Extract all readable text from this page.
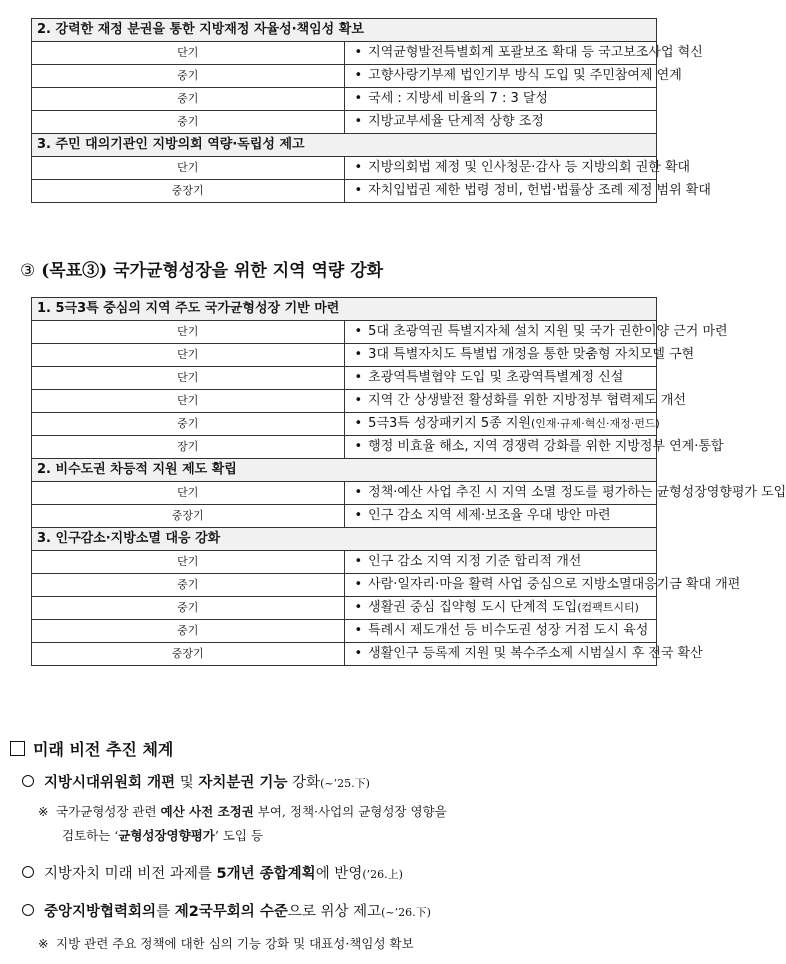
2. 강력한 재정 분권을 통한 지방재정 자율성·책임성 확보	
단기	• 지역균형발전특별회계 포괄보조 확대 등 국고보조사업 혁신
중기	• 고향사랑기부제 법인기부 방식 도입 및 주민참여제 연계
중기	• 국세 : 지방세 비율의 7 : 3 달성
중기	• 지방교부세율 단계적 상향 조정
3. 주민 대의기관인 지방의회 역량·독립성 제고	
단기	• 지방의회법 제정 및 인사청문·감사 등 지방의회 권한 확대
중장기	• 자치입법권 제한 법령 정비, 헌법·법률상 조례 제정 범위 확대
③ (목표③) 국가균형성장을 위한 지역 역량 강화
1. 5극3특 중심의 지역 주도 국가균형성장 기반 마련	
단기	• 5대 초광역권 특별지자체 설치 지원 및 국가 권한이양 근거 마련
단기	• 3대 특별자치도 특별법 개정을 통한 맞춤형 자치모델 구현
단기	• 초광역특별협약 도입 및 초광역특별계정 신설
단기	• 지역 간 상생발전 활성화를 위한 지방정부 협력제도 개선
중기	• 5극3특 성장패키지 5종 지원(인재·규제·혁신·재정·펀드)
장기	• 행정 비효율 해소, 지역 경쟁력 강화를 위한 지방정부 연계·통합
2. 비수도권 차등적 지원 제도 확립	
단기	• 정책·예산 사업 추진 시 지역 소멸 정도를 평가하는 균형성장영향평가 도입
중장기	• 인구 감소 지역 세제·보조율 우대 방안 마련
3. 인구감소·지방소멸 대응 강화	
단기	• 인구 감소 지역 지정 기준 합리적 개선
중기	• 사람·일자리·마을 활력 사업 중심으로 지방소멸대응기금 확대 개편
중기	• 생활권 중심 집약형 도시 단계적 도입(컴팩트시티)
중기	• 특례시 제도개선 등 비수도권 성장 거점 도시 육성
중장기	• 생활인구 등록제 지원 및 복수주소제 시범실시 후 전국 확산
미래 비전 추진 체계
지방시대위원회 개편 및 자치분권 기능 강화(~’25.下)
※ 국가균형성장 관련 예산 사전 조정권 부여, 정책·사업의 균형성장 영향을
검토하는 ‘균형성장영향평가’ 도입 등
지방자치 미래 비전 과제를 5개년 종합계획에 반영(’26.上)
중앙지방협력회의를 제2국무회의 수준으로 위상 제고(~’26.下)
※ 지방 관련 주요 정책에 대한 심의 기능 강화 및 대표성·책임성 확보
